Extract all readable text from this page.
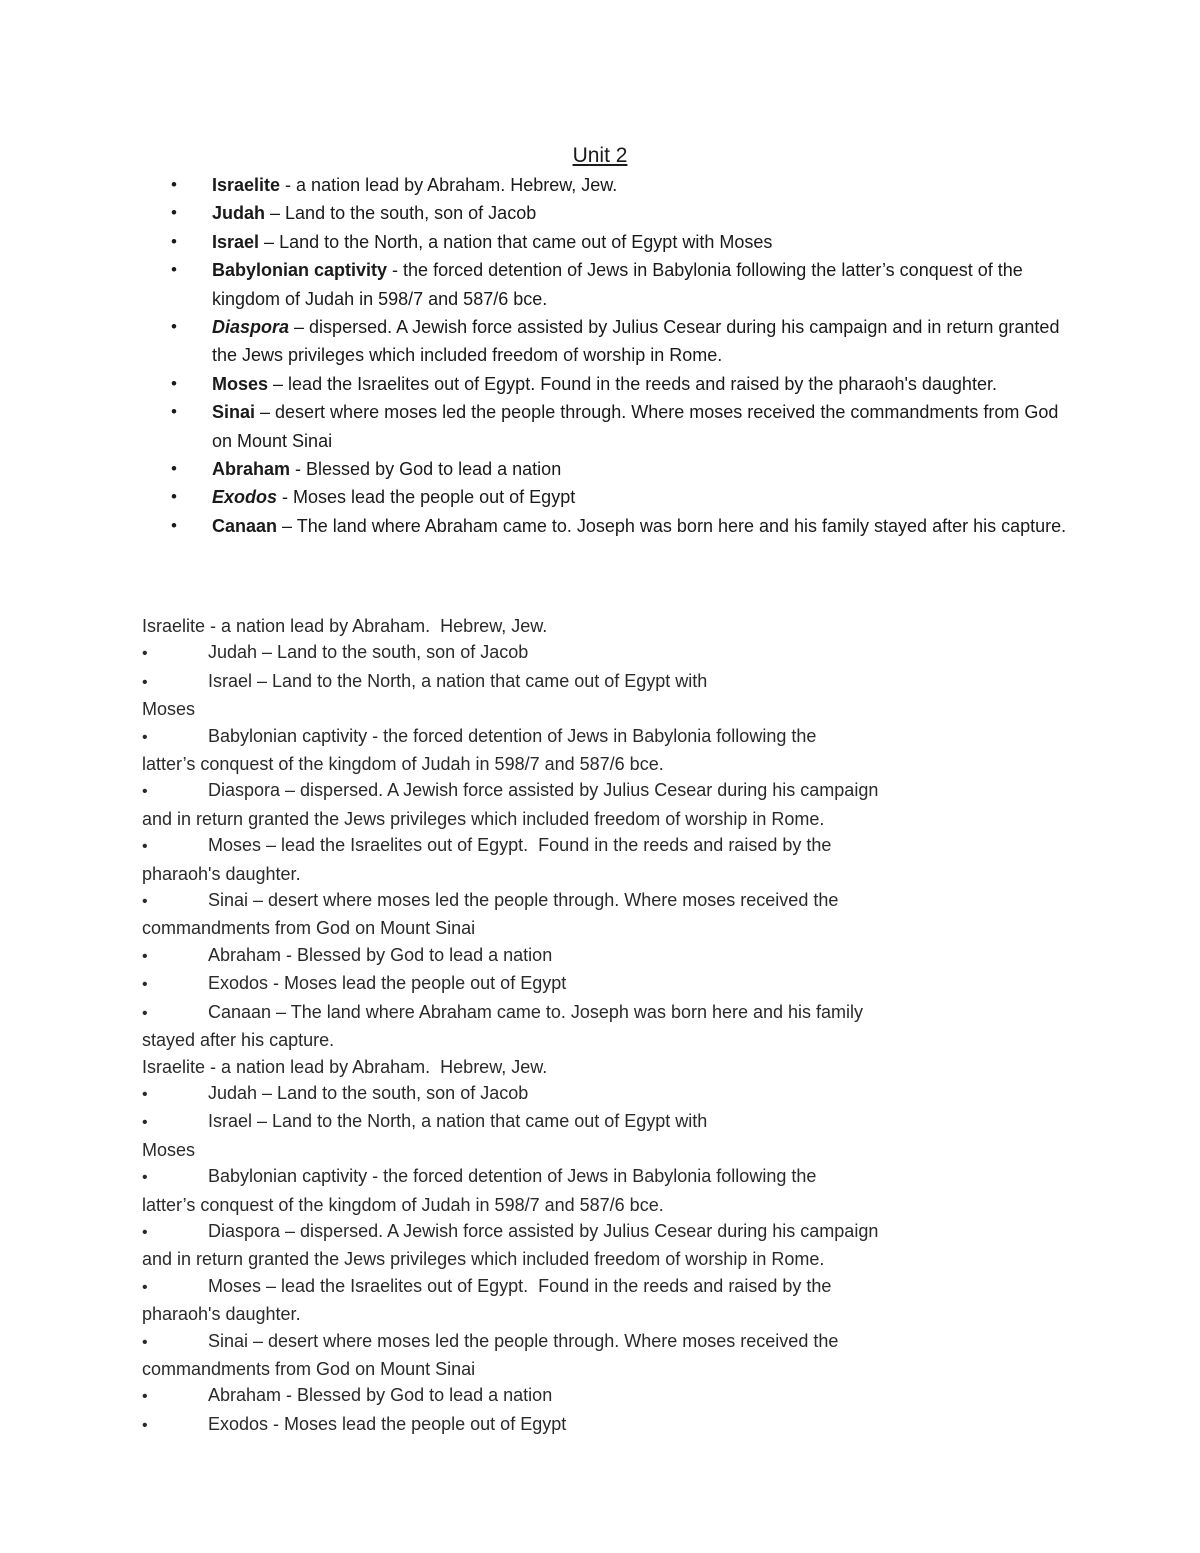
Unit 2
• Israelite - a nation lead by Abraham. Hebrew, Jew.
• Judah – Land to the south, son of Jacob
• Israel – Land to the North, a nation that came out of Egypt with Moses
• Babylonian captivity - the forced detention of Jews in Babylonia following the latter’s conquest of the kingdom of Judah in 598/7 and 587/6 bce.
• Diaspora – dispersed. A Jewish force assisted by Julius Cesear during his campaign and in return granted the Jews privileges which included freedom of worship in Rome.
• Moses – lead the Israelites out of Egypt. Found in the reeds and raised by the pharaoh's daughter.
• Sinai – desert where moses led the people through. Where moses received the commandments from God on Mount Sinai
• Abraham - Blessed by God to lead a nation
• Exodos - Moses lead the people out of Egypt
• Canaan – The land where Abraham came to. Joseph was born here and his family stayed after his capture.
Israelite - a nation lead by Abraham.  Hebrew, Jew.
•	Judah – Land to the south, son of Jacob
•	Israel – Land to the North, a nation that came out of Egypt with
Moses
•	Babylonian captivity - the forced detention of Jews in Babylonia following the
latter’s conquest of the kingdom of Judah in 598/7 and 587/6 bce.
•	Diaspora – dispersed. A Jewish force assisted by Julius Cesear during his campaign
and in return granted the Jews privileges which included freedom of worship in Rome.
•	Moses – lead the Israelites out of Egypt.  Found in the reeds and raised by the
pharaoh's daughter.
•	Sinai – desert where moses led the people through. Where moses received the
commandments from God on Mount Sinai
•	Abraham - Blessed by God to lead a nation
•	Exodos - Moses lead the people out of Egypt
•	Canaan – The land where Abraham came to. Joseph was born here and his family
stayed after his capture.
Israelite - a nation lead by Abraham.  Hebrew, Jew.
•	Judah – Land to the south, son of Jacob
•	Israel – Land to the North, a nation that came out of Egypt with
Moses
•	Babylonian captivity - the forced detention of Jews in Babylonia following the
latter’s conquest of the kingdom of Judah in 598/7 and 587/6 bce.
•	Diaspora – dispersed. A Jewish force assisted by Julius Cesear during his campaign
and in return granted the Jews privileges which included freedom of worship in Rome.
•	Moses – lead the Israelites out of Egypt.  Found in the reeds and raised by the
pharaoh's daughter.
•	Sinai – desert where moses led the people through. Where moses received the
commandments from God on Mount Sinai
•	Abraham - Blessed by God to lead a nation
•	Exodos - Moses lead the people out of Egypt
